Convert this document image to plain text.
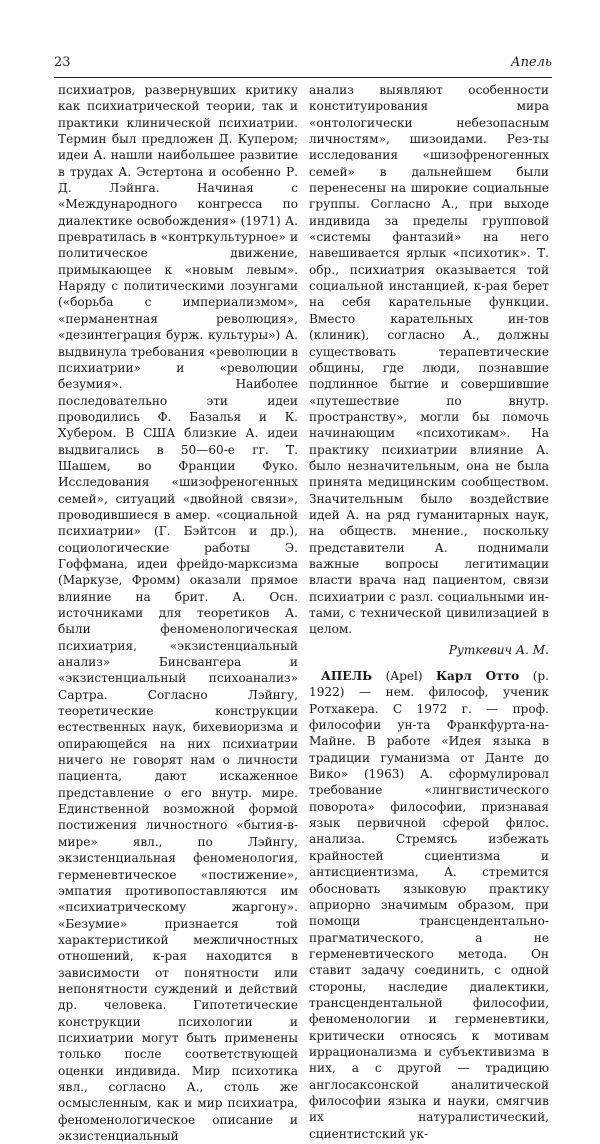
23	Апель
психиатров, развернувших критику как психиатрической теории, так и практики клинической психиатрии. Термин был предложен Д. Купером; идеи А. нашли наибольшее развитие в трудах А. Эстертона и особенно Р. Д. Лэйнга. Начиная с «Международного конгресса по диалектике освобождения» (1971) А. превратилась в «контркультурное» и политическое движение, примыкающее к «новым левым». Наряду с политическими лозунгами («борьба с империализмом», «перманентная революция», «дезинтеграция бурж. культуры») А. выдвинула требования «революции в психиатрии» и «революции безумия». Наиболее последовательно эти идеи проводились Ф. Базалья и К. Хубером. В США близкие А. идеи выдвигались в 50—60-е гг. Т. Шашем, во Франции Фуко. Исследования «шизофреногенных семей», ситуаций «двойной связи», проводившиеся в амер. «социальной психиатрии» (Г. Бэйтсон и др.), социологические работы Э. Гоффмана, идеи фрейдо-марксизма (Маркузе, Фромм) оказали прямое влияние на брит. А. Осн. источниками для теоретиков А. были феноменологическая психиатрия, «экзистенциальный анализ» Бинсвангера и «экзистенциальный психоанализ» Сартра. Согласно Лэйнгу, теоретические конструкции естественных наук, бихевиоризма и опирающейся на них психиатрии ничего не говорят нам о личности пациента, дают искаженное представление о его внутр. мире. Единственной возможной формой постижения личностного «бытия-в-мире» явл., по Лэйнгу, экзистенциальная феноменология, герменевтическое «постижение», эмпатия противопоставляются им «психиатрическому жаргону». «Безумие» признается той характеристикой межличностных отношений, к-рая находится в зависимости от понятности или непонятности суждений и действий др. человека. Гипотетические конструкции психологии и психиатрии могут быть применены только после соответствующей оценки индивида. Мир психотика явл., согласно А., столь же осмысленным, как и мир психиатра, феноменологическое описание и экзистенциальный
анализ выявляют особенности конституирования мира «онтологически небезопасным личностям», шизоидами. Рез-ты исследования «шизофреногенных семей» в дальнейшем были перенесены на широкие социальные группы. Согласно А., при выходе индивида за пределы групповой «системы фантазий» на него навешивается ярлык «психотик». Т. обр., психиатрия оказывается той социальной инстанцией, к-рая берет на себя карательные функции. Вместо карательных ин-тов (клиник), согласно А., должны существовать терапевтические общины, где люди, познавшие подлинное бытие и совершившие «путешествие по внутр. пространству», могли бы помочь начинающим «психотикам». На практику психиатрии влияние А. было незначительным, она не была принята медицинским сообществом. Значительным было воздействие идей А. на ряд гуманитарных наук, на обществ. мнение., поскольку представители А. поднимали важные вопросы легитимации власти врача над пациентом, связи психиатрии с разл. социальными ин-тами, с технической цивилизацией в целом.
Руткевич А. М.
АПЕЛЬ (Apel) Карл Отто (р. 1922) — нем. философ, ученик Ротхакера. С 1972 г. — проф. философии ун-та Франкфурта-на-Майне. В работе «Идея языка в традиции гуманизма от Данте до Вико» (1963) А. сформулировал требование «лингвистического поворота» философии, признавая язык первичной сферой филос. анализа. Стремясь избежать крайностей сциентизма и антисциентизма, А. стремится обосновать языковую практику априорно значимым образом, при помощи трансцендентально-прагматического, а не герменевтического метода. Он ставит задачу соединить, с одной стороны, наследие диалектики, трансцендентальной философии, феноменологии и герменевтики, критически относясь к мотивам иррационализма и субъективизма в них, а с другой — традицию англосаксонской аналитической философии языка и науки, смягчив их натуралистический, сциентистский ук-
